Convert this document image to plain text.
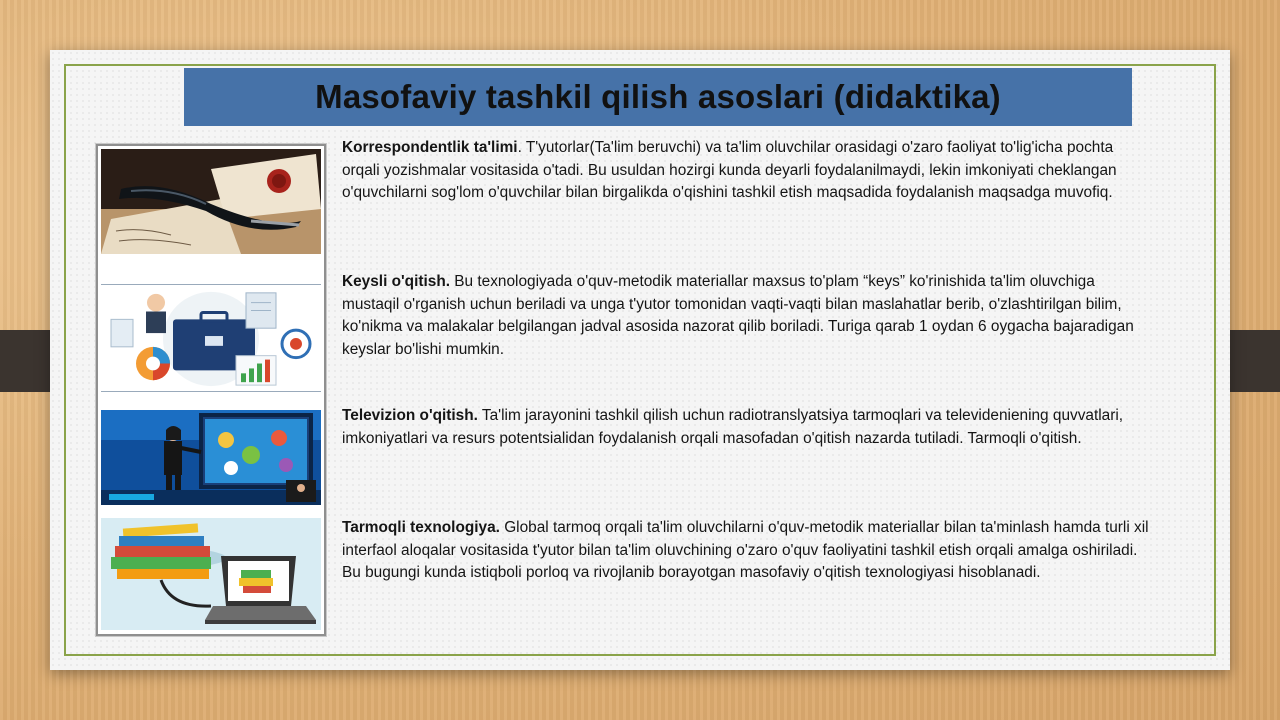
Masofaviy tashkil qilish asoslari (didaktika)

Korrespondentlik ta'limi. T'yutorlar(Ta'lim beruvchi) va ta'lim oluvchilar orasidagi o'zaro faoliyat to'lig'icha pochta orqali yozishmalar vositasida o'tadi. Bu usuldan hozirgi kunda deyarli foydalanilmaydi, lekin imkoniyati cheklangan o'quvchilarni sog'lom o'quvchilar bilan birgalikda o'qishini tashkil etish maqsadida foydalanish maqsadga muvofiq.

Keysli o'qitish. Bu texnologiyada o'quv-metodik materiallar maxsus to'plam “keys” ko'rinishida ta'lim oluvchiga mustaqil o'rganish uchun beriladi va unga t'yutor tomonidan vaqti-vaqti bilan maslahatlar berib, o'zlashtirilgan bilim, ko'nikma va malakalar belgilangan jadval asosida nazorat qilib boriladi. Turiga qarab 1 oydan 6 oygacha bajaradigan keyslar bo'lishi mumkin.

Televizion o'qitish. Ta'lim jarayonini tashkil qilish uchun radiotranslyatsiya tarmoqlari va televideniening quvvatlari, imkoniyatlari va resurs potentsialidan foydalanish orqali masofadan o'qitish nazarda tutiladi. Tarmoqli o'qitish.

Tarmoqli texnologiya. Global tarmoq orqali ta'lim oluvchilarni o'quv-metodik materiallar bilan ta'minlash hamda turli xil interfaol aloqalar vositasida t'yutor bilan ta'lim oluvchining o'zaro o'quv faoliyatini tashkil etish orqali amalga oshiriladi. Bu bugungi kunda istiqboli porloq va rivojlanib borayotgan masofaviy o'qitish texnologiyasi hisoblanadi.
